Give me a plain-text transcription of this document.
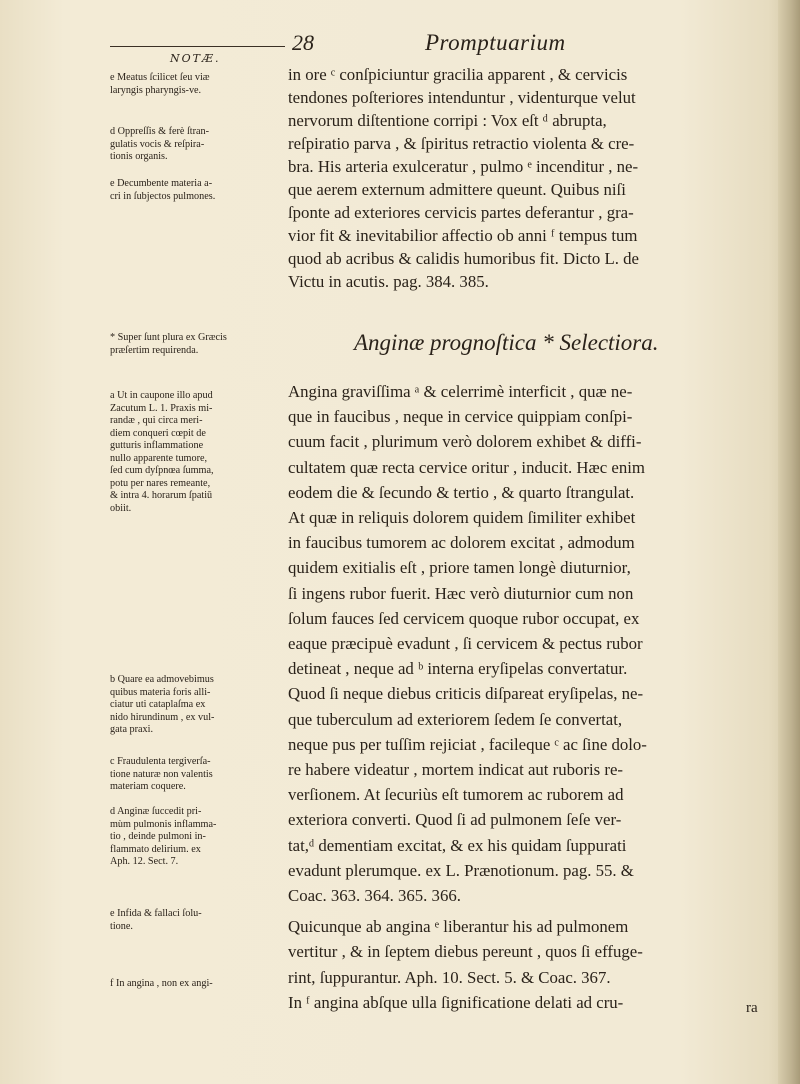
NOTÆ.
28	Promptuarium

e Meatus ſcilicet ſeu viæ

laryngis pharyngis-ve.

d Oppreſſis & ferè ſtran-

gulatis vocis & reſpira-

tionis organis.

e Decumbente materia a-

cri in ſubjectos pulmones.

* Super ſunt plura ex Græcis

præſertim requirenda.

a Ut in caupone illo apud

Zacutum L. 1. Praxis mi-

randæ , qui circa meri-

diem conqueri cœpit de

gutturis inflammatione

nullo apparente tumore,

ſed cum dyſpnœa ſumma,

potu per nares remeante,

& intra 4. horarum ſpatiū

obiit.

b Quare ea admovebimus

quibus materia foris alli-

ciatur uti cataplaſma ex

nido hirundinum , ex vul-

gata praxi.

c Fraudulenta tergiverſa-

tione naturæ non valentis

materiam coquere.

d Anginæ ſuccedit pri-

mùm pulmonis inflamma-

tio , deinde pulmoni in-

flammato delirium. ex

Aph. 12. Sect. 7.

e Infida & fallaci ſolu-

tione.

f In angina , non ex angi-

Anginæ prognoſtica * Selectiora.
in ore ᶜ conſpiciuntur gracilia apparent , & cervicis
tendones poſteriores intenduntur , videnturque velut
nervorum diſtentione corripi : Vox eſt ᵈ abrupta,
reſpiratio parva , & ſpiritus retractio violenta & cre-
bra. His arteria exulceratur , pulmo ᵉ incenditur , ne-
que aerem externum admittere queunt. Quibus niſi
ſponte ad exteriores cervicis partes deferantur , gra-
vior fit & inevitabilior affectio ob anni ᶠ tempus tum
quod ab acribus & calidis humoribus fit. Dicto L. de
Victu in acutis. pag. 384. 385.
Angina graviſſima ᵃ & celerrimè interficit , quæ ne-
que in faucibus , neque in cervice quippiam conſpi-
cuum facit , plurimum verò dolorem exhibet & diffi-
cultatem quæ recta cervice oritur , inducit. Hæc enim
eodem die & ſecundo & tertio , & quarto ſtrangulat.
At quæ in reliquis dolorem quidem ſimiliter exhibet
in faucibus tumorem ac dolorem excitat , admodum
quidem exitialis eſt , priore tamen longè diuturnior,
ſi ingens rubor fuerit. Hæc verò diuturnior cum non
ſolum fauces ſed cervicem quoque rubor occupat, ex
eaque præcipuè evadunt , ſi cervicem & pectus rubor
detineat , neque ad ᵇ interna eryſipelas convertatur.
Quod ſi neque diebus criticis diſpareat eryſipelas, ne-
que tuberculum ad exteriorem ſedem ſe convertat,
neque pus per tuſſim rejiciat , facileque ᶜ ac ſine dolo-
re habere videatur , mortem indicat aut ruboris re-
verſionem. At ſecuriùs eſt tumorem ac ruborem ad
exteriora converti. Quod ſi ad pulmonem ſeſe ver-
tat,ᵈ dementiam excitat, & ex his quidam ſuppurati
evadunt plerumque. ex L. Prænotionum. pag. 55. &
Coac. 363. 364. 365. 366.
Quicunque ab angina ᵉ liberantur his ad pulmonem
vertitur , & in ſeptem diebus pereunt , quos ſi effuge-
rint, ſuppurantur. Aph. 10. Sect. 5. & Coac. 367.
In ᶠ angina abſque ulla ſignificatione delati ad cru-	ra
